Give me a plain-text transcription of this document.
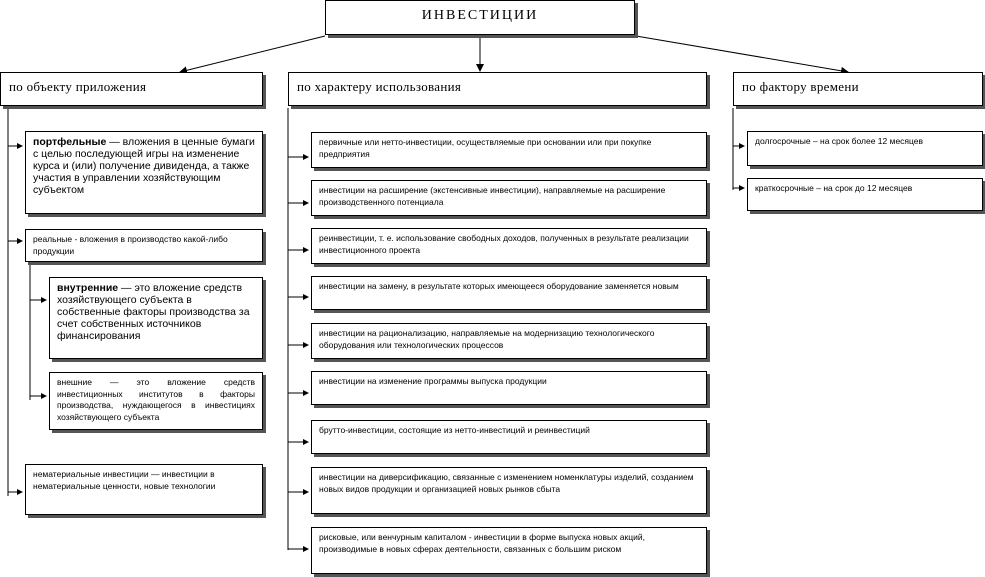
ИНВЕСТИЦИИ
по объекту приложения	по характеру использования	по фактору времени
портфельные — вложения в ценные бумаги с целью последующей игры на изменение курса и (или) получение дивиденда, а также участия в управлении хозяйствующим субъектом
реальные - вложения в производство какой-либо продукции
внутренние — это вложение средств хозяйствующего субъекта в собственные факторы производства за счет собственных источников финансирования
внешние — это вложение средств инвестиционных институтов в факторы производства, нуждающегося в инвестициях хозяйствующего субъекта
нематериальные инвестиции — инвестиции в нематериальные ценности, новые технологии
первичные или нетто-инвестиции, осуществляемые при основании или при покупке предприятия
инвестиции на расширение (экстенсивные инвестиции), направляемые на расширение производственного потенциала
реинвестиции, т. е. использование свободных доходов, полученных в результате реализации инвестиционного проекта
инвестиции на замену, в результате которых имеющееся оборудование заменяется новым
инвестиции на рационализацию, направляемые на модернизацию технологического оборудования или технологических процессов
инвестиции на изменение программы выпуска продукции
брутто-инвестиции, состоящие из нетто-инвестиций и реинвестиций
инвестиции на диверсификацию, связанные с изменением номенклатуры изделий, созданием новых видов продукции и организацией новых рынков сбыта
рисковые, или венчурным капиталом - инвестиции в форме выпуска новых акций, производимые в новых сферах деятельности, связанных с большим риском
долгосрочные – на срок более 12 месяцев
краткосрочные – на срок до 12 месяцев
